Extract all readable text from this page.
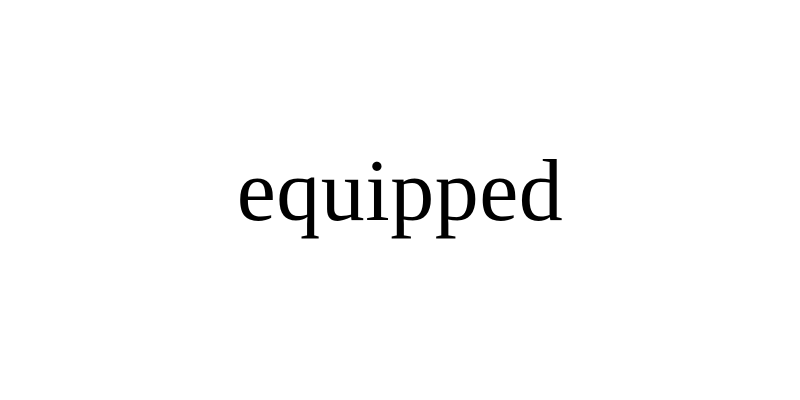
equipped
